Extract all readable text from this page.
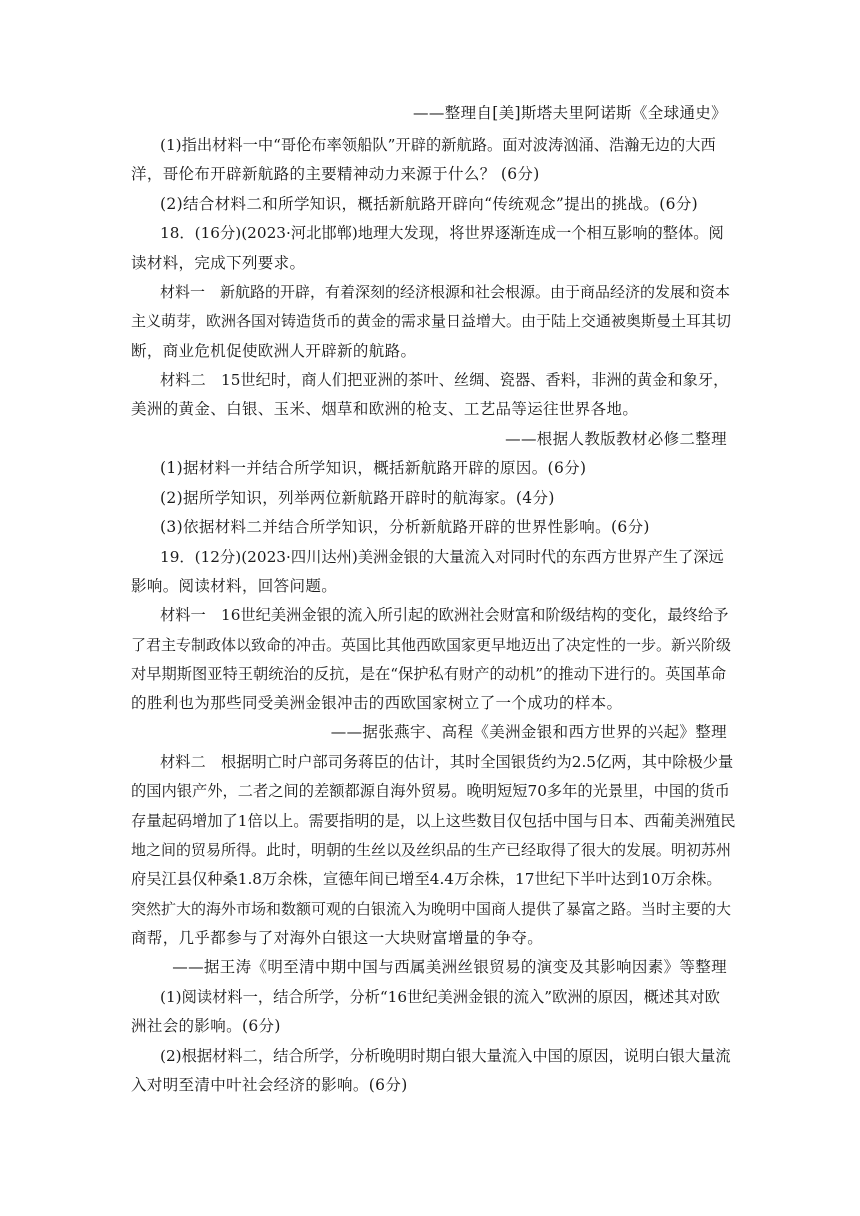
——整理自[美]斯塔夫里阿诺斯《全球通史》

(1)指出材料一中“哥伦布率领船队”开辟的新航路。面对波涛汹涌、浩瀚无边的大西

洋，哥伦布开辟新航路的主要精神动力来源于什么？ (6分)

(2)结合材料二和所学知识，概括新航路开辟向“传统观念”提出的挑战。(6分)

18．(16分)(2023·河北邯郸)地理大发现，将世界逐渐连成一个相互影响的整体。阅

读材料，完成下列要求。

材料一　新航路的开辟，有着深刻的经济根源和社会根源。由于商品经济的发展和资本

主义萌芽，欧洲各国对铸造货币的黄金的需求量日益增大。由于陆上交通被奥斯曼土耳其切

断，商业危机促使欧洲人开辟新的航路。

材料二　15世纪时，商人们把亚洲的茶叶、丝绸、瓷器、香料，非洲的黄金和象牙，

美洲的黄金、白银、玉米、烟草和欧洲的枪支、工艺品等运往世界各地。

——根据人教版教材必修二整理

(1)据材料一并结合所学知识，概括新航路开辟的原因。(6分)

(2)据所学知识，列举两位新航路开辟时的航海家。(4分)

(3)依据材料二并结合所学知识，分析新航路开辟的世界性影响。(6分)

19．(12分)(2023·四川达州)美洲金银的大量流入对同时代的东西方世界产生了深远

影响。阅读材料，回答问题。

材料一　16世纪美洲金银的流入所引起的欧洲社会财富和阶级结构的变化，最终给予

了君主专制政体以致命的冲击。英国比其他西欧国家更早地迈出了决定性的一步。新兴阶级

对早期斯图亚特王朝统治的反抗，是在“保护私有财产的动机”的推动下进行的。英国革命

的胜利也为那些同受美洲金银冲击的西欧国家树立了一个成功的样本。

——据张燕宇、高程《美洲金银和西方世界的兴起》整理

材料二　根据明亡时户部司务蒋臣的估计，其时全国银货约为2.5亿两，其中除极少量

的国内银产外，二者之间的差额都源自海外贸易。晚明短短70多年的光景里，中国的货币

存量起码增加了1倍以上。需要指明的是，以上这些数目仅包括中国与日本、西葡美洲殖民

地之间的贸易所得。此时，明朝的生丝以及丝织品的生产已经取得了很大的发展。明初苏州

府吴江县仅种桑1.8万余株，宣德年间已增至4.4万余株，17世纪下半叶达到10万余株。

突然扩大的海外市场和数额可观的白银流入为晚明中国商人提供了暴富之路。当时主要的大

商帮，几乎都参与了对海外白银这一大块财富增量的争夺。

——据王涛《明至清中期中国与西属美洲丝银贸易的演变及其影响因素》等整理

(1)阅读材料一，结合所学，分析“16世纪美洲金银的流入”欧洲的原因，概述其对欧

洲社会的影响。(6分)

(2)根据材料二，结合所学，分析晚明时期白银大量流入中国的原因，说明白银大量流

入对明至清中叶社会经济的影响。(6分)
